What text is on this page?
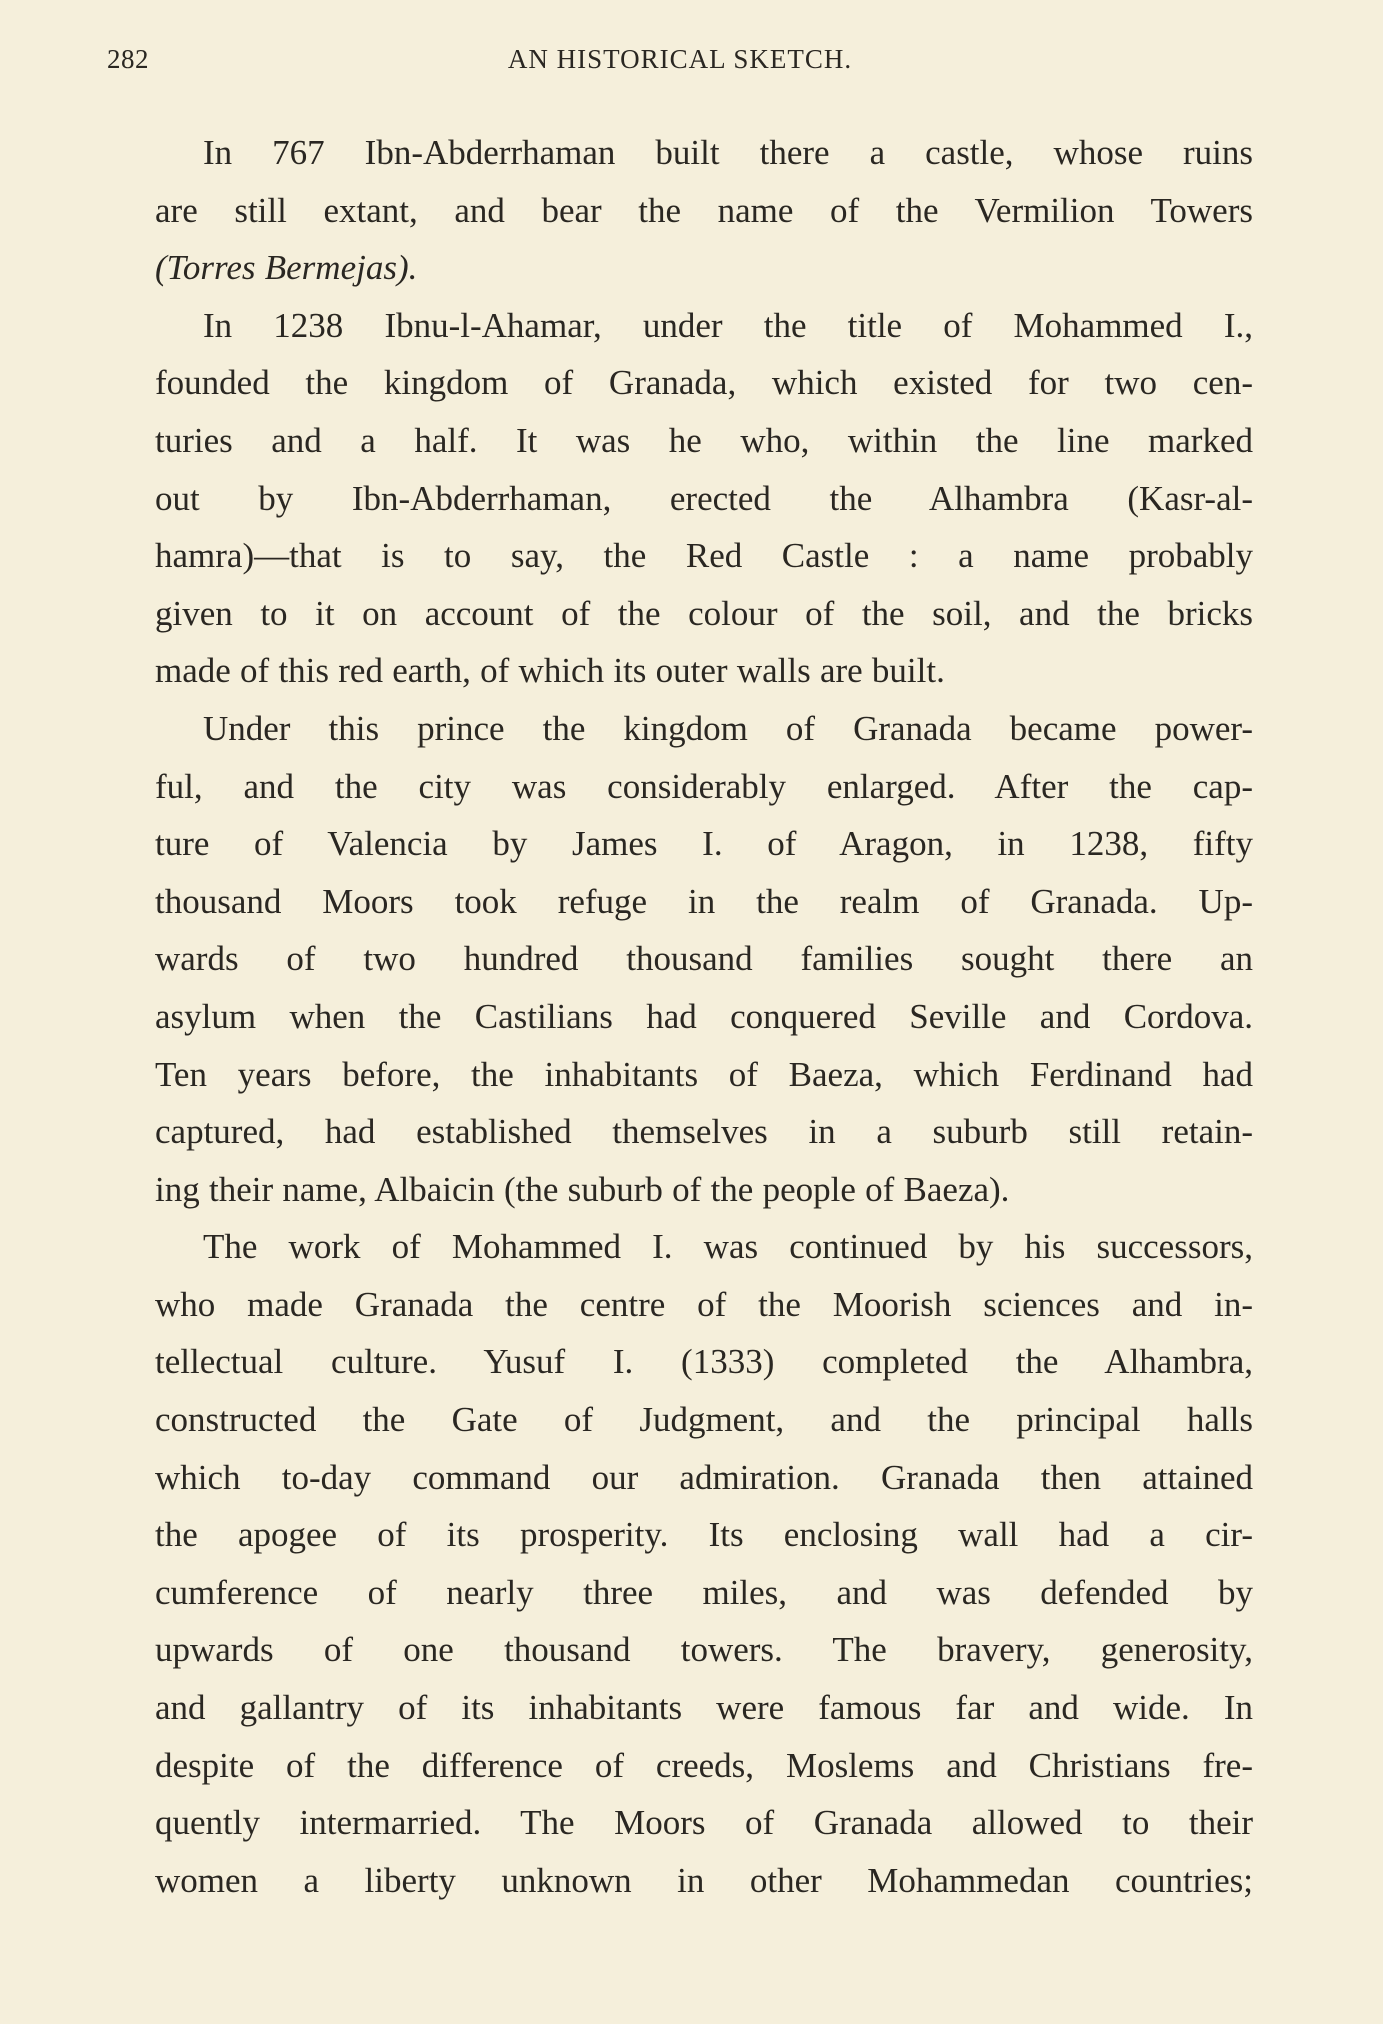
282	AN HISTORICAL SKETCH.
In 767 Ibn-Abderrhaman built there a castle, whose ruins
are still extant, and bear the name of the Vermilion Towers
(Torres Bermejas).
In 1238 Ibnu-l-Ahamar, under the title of Mohammed I.,
founded the kingdom of Granada, which existed for two cen-
turies and a half. It was he who, within the line marked
out by Ibn-Abderrhaman, erected the Alhambra (Kasr-al-
hamra)—that is to say, the Red Castle : a name probably
given to it on account of the colour of the soil, and the bricks
made of this red earth, of which its outer walls are built.
Under this prince the kingdom of Granada became power-
ful, and the city was considerably enlarged. After the cap-
ture of Valencia by James I. of Aragon, in 1238, fifty
thousand Moors took refuge in the realm of Granada. Up-
wards of two hundred thousand families sought there an
asylum when the Castilians had conquered Seville and Cordova.
Ten years before, the inhabitants of Baeza, which Ferdinand had
captured, had established themselves in a suburb still retain-
ing their name, Albaicin (the suburb of the people of Baeza).
The work of Mohammed I. was continued by his successors,
who made Granada the centre of the Moorish sciences and in-
tellectual culture. Yusuf I. (1333) completed the Alhambra,
constructed the Gate of Judgment, and the principal halls
which to-day command our admiration. Granada then attained
the apogee of its prosperity. Its enclosing wall had a cir-
cumference of nearly three miles, and was defended by
upwards of one thousand towers. The bravery, generosity,
and gallantry of its inhabitants were famous far and wide. In
despite of the difference of creeds, Moslems and Christians fre-
quently intermarried. The Moors of Granada allowed to their
women a liberty unknown in other Mohammedan countries;
